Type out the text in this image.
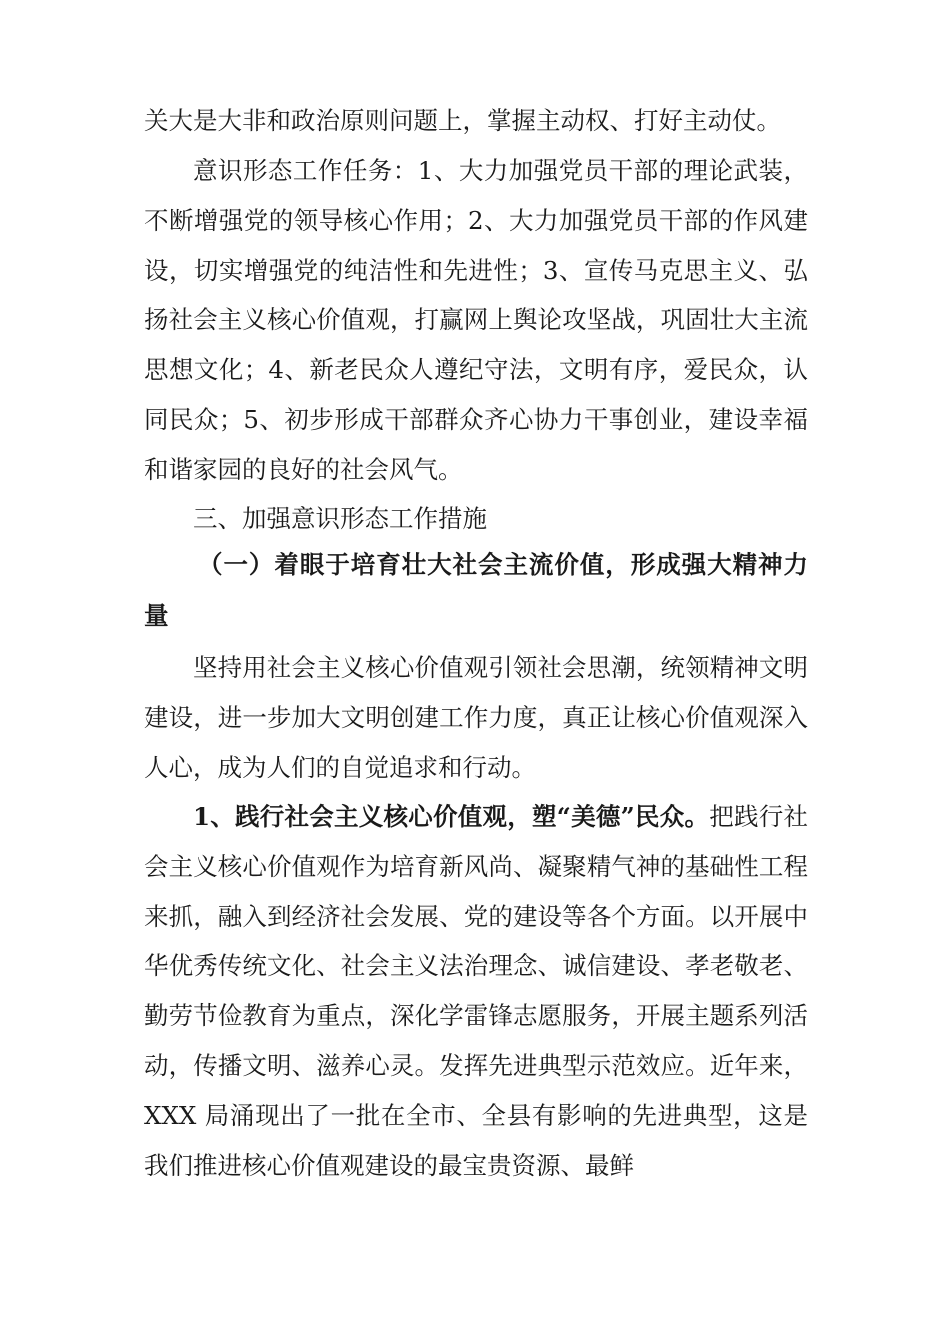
关大是大非和政治原则问题上，掌握主动权、打好主动仗。

意识形态工作任务：1、大力加强党员干部的理论武装，不断增强党的领导核心作用；2、大力加强党员干部的作风建设，切实增强党的纯洁性和先进性；3、宣传马克思主义、弘扬社会主义核心价值观，打赢网上舆论攻坚战，巩固壮大主流思想文化；4、新老民众人遵纪守法，文明有序，爱民众，认同民众；5、初步形成干部群众齐心协力干事创业，建设幸福和谐家园的良好的社会风气。

三、加强意识形态工作措施

（一）着眼于培育壮大社会主流价值，形成强大精神力量

坚持用社会主义核心价值观引领社会思潮，统领精神文明建设，进一步加大文明创建工作力度，真正让核心价值观深入人心，成为人们的自觉追求和行动。

1、践行社会主义核心价值观，塑“美德”民众。把践行社会主义核心价值观作为培育新风尚、凝聚精气神的基础性工程来抓，融入到经济社会发展、党的建设等各个方面。以开展中华优秀传统文化、社会主义法治理念、诚信建设、孝老敬老、勤劳节俭教育为重点，深化学雷锋志愿服务，开展主题系列活动，传播文明、滋养心灵。发挥先进典型示范效应。近年来，XXX 局涌现出了一批在全市、全县有影响的先进典型，这是我们推进核心价值观建设的最宝贵资源、最鲜
